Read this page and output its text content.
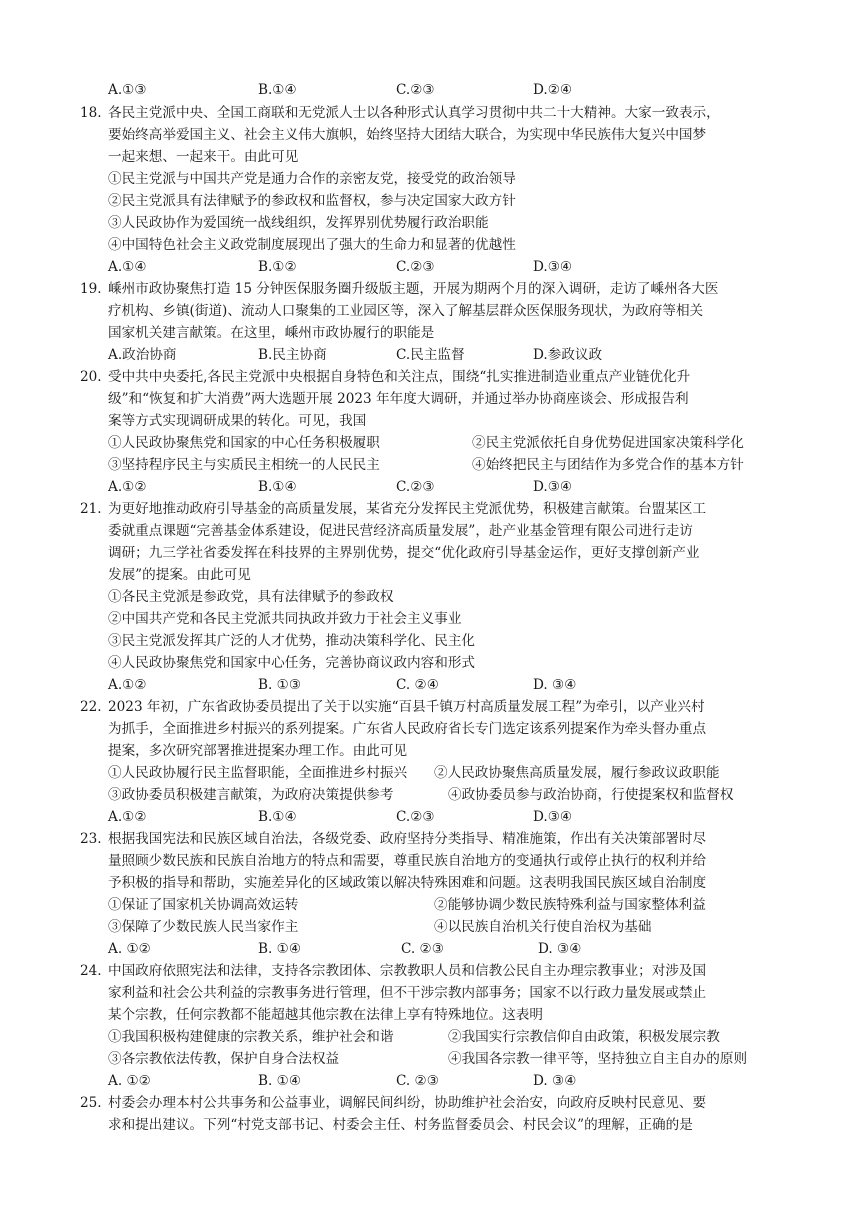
A.①③	B.①④	C.②③	D.②④
18. 各民主党派中央、全国工商联和无党派人士以各种形式认真学习贯彻中共二十大精神。大家一致表示，
要始终高举爱国主义、社会主义伟大旗帜，始终坚持大团结大联合，为实现中华民族伟大复兴中国梦
一起来想、一起来干。由此可见
①民主党派与中国共产党是通力合作的亲密友党，接受党的政治领导
②民主党派具有法律赋予的参政权和监督权，参与决定国家大政方针
③人民政协作为爱国统一战线组织，发挥界别优势履行政治职能
④中国特色社会主义政党制度展现出了强大的生命力和显著的优越性
A.①④	B.①②	C.②③	D.③④
19. 嵊州市政协聚焦打造 15 分钟医保服务圈升级版主题，开展为期两个月的深入调研，走访了嵊州各大医
疗机构、乡镇(街道)、流动人口聚集的工业园区等，深入了解基层群众医保服务现状，为政府等相关
国家机关建言献策。在这里，嵊州市政协履行的职能是
A.政治协商	B.民主协商	C.民主监督	D.参政议政
20. 受中共中央委托,各民主党派中央根据自身特色和关注点，围绕“扎实推进制造业重点产业链优化升
级”和“恢复和扩大消费”两大选题开展 2023 年年度大调研，并通过举办协商座谈会、形成报告利
案等方式实现调研成果的转化。可见，我国
①人民政协聚焦党和国家的中心任务积极履职	②民主党派依托自身优势促进国家决策科学化
③坚持程序民主与实质民主相统一的人民民主	④始终把民主与团结作为多党合作的基本方针
A.①②	B.①④	C.②③	D.③④
21. 为更好地推动政府引导基金的高质量发展，某省充分发挥民主党派优势，积极建言献策。台盟某区工
委就重点课题“完善基金体系建设，促进民营经济高质量发展”，赴产业基金管理有限公司进行走访
调研；九三学社省委发挥在科技界的主界别优势，提交“优化政府引导基金运作，更好支撑创新产业
发展”的提案。由此可见
①各民主党派是参政党，具有法律赋予的参政权
②中国共产党和各民主党派共同执政并致力于社会主义事业
③民主党派发挥其广泛的人才优势，推动决策科学化、民主化
④人民政协聚焦党和国家中心任务，完善协商议政内容和形式
A.①②	B. ①③	C. ②④	D. ③④
22. 2023 年初，广东省政协委员提出了关于以实施“百县千镇万村高质量发展工程”为牵引，以产业兴村
为抓手，全面推进乡村振兴的系列提案。广东省人民政府省长专门选定该系列提案作为牵头督办重点
提案，多次研究部署推进提案办理工作。由此可见
①人民政协履行民主监督职能，全面推进乡村振兴 ②人民政协聚焦高质量发展，履行参政议政职能
③政协委员积极建言献策，为政府决策提供参考	④政协委员参与政治协商，行使提案权和监督权
A.①②	B.①④	C.②③	D.③④
23. 根据我国宪法和民族区域自治法，各级党委、政府坚持分类指导、精准施策，作出有关决策部署时尽
量照顾少数民族和民族自治地方的特点和需要，尊重民族自治地方的变通执行或停止执行的权利并给
予积极的指导和帮助，实施差异化的区域政策以解决特殊困难和问题。这表明我国民族区域自治制度
①保证了国家机关协调高效运转	②能够协调少数民族特殊利益与国家整体利益
③保障了少数民族人民当家作主	④以民族自治机关行使自治权为基础
A. ①②	B. ①④	C. ②③	D. ③④
24. 中国政府依照宪法和法律，支持各宗教团体、宗教教职人员和信教公民自主办理宗教事业；对涉及国
家利益和社会公共利益的宗教事务进行管理，但不干涉宗教内部事务；国家不以行政力量发展或禁止
某个宗教，任何宗教都不能超越其他宗教在法律上享有特殊地位。这表明
①我国积极构建健康的宗教关系，维护社会和谐	②我国实行宗教信仰自由政策，积极发展宗教
③各宗教依法传教，保护自身合法权益	④我国各宗教一律平等，坚持独立自主自办的原则
A. ①②	B. ①④	C. ②③	D. ③④
25. 村委会办理本村公共事务和公益事业，调解民间纠纷，协助维护社会治安，向政府反映村民意见、要
求和提出建议。下列“村党支部书记、村委会主任、村务监督委员会、村民会议”的理解，正确的是
